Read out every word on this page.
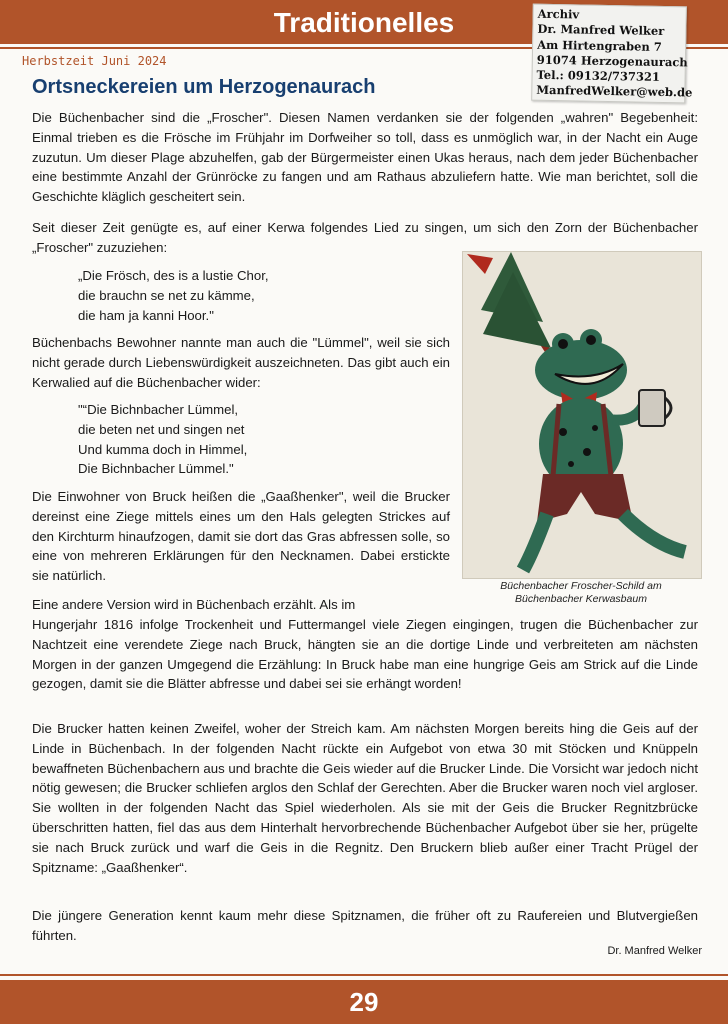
Traditionelles	Archiv
Dr. Manfred Welker
Am Hirtengraben 7
91074 Herzogenaurach
Tel.: 09132/737321
ManfredWelker@web.de
Herbstzeit Juni 2024
Ortsneckereien um Herzogenaurach

Die Büchenbacher sind die „Froscher". Diesen Namen verdanken sie der folgenden „wahren" Begebenheit: Einmal trieben es die Frösche im Frühjahr im Dorfweiher so toll, dass es unmöglich war, in der Nacht ein Auge zuzutun. Um dieser Plage abzuhelfen, gab der Bürgermeister einen Ukas heraus, nach dem jeder Büchenbacher eine bestimmte Anzahl der Grünröcke zu fangen und am Rathaus abzuliefern hatte. Wie man berichtet, soll die Geschichte kläglich gescheitert sein.

Seit dieser Zeit genügte es, auf einer Kerwa folgendes Lied zu singen, um sich den Zorn der Büchenbacher „Froscher" zuzuziehen:

„Die Frösch, des is a lustie Chor,
die brauchn se net zu kämme,
die ham ja kanni Hoor."

Büchenbachs Bewohner nannte man auch die "Lümmel", weil sie sich nicht gerade durch Liebenswürdigkeit auszeichneten. Das gibt auch ein Kerwalied auf die Büchenbacher wider:

"“Die Bichnbacher Lümmel,
die beten net und singen net
Und kumma doch in Himmel,
Die Bichnbacher Lümmel."

Die Einwohner von Bruck heißen die „Gaaßhenker", weil die Brucker dereinst eine Ziege mittels eines um den Hals gelegten Strickes auf den Kirchturm hinaufzogen, damit sie dort das Gras abfressen solle, so eine von mehreren Erklärungen für den Necknamen. Dabei erstickte sie natürlich.

Eine andere Version wird in Büchenbach erzählt. Als im

Hungerjahr 1816 infolge Trockenheit und Futtermangel viele Ziegen eingingen, trugen die Büchenbacher zur Nachtzeit eine verendete Ziege nach Bruck, hängten sie an die dortige Linde und verbreiteten am nächsten Morgen in der ganzen Umgegend die Erzählung: In Bruck habe man eine hungrige Geis am Strick auf die Linde gezogen, damit sie die Blätter abfresse und dabei sei sie erhängt worden!

Die Brucker hatten keinen Zweifel, woher der Streich kam. Am nächsten Morgen bereits hing die Geis auf der Linde in Büchenbach. In der folgenden Nacht rückte ein Aufgebot von etwa 30 mit Stöcken und Knüppeln bewaffneten Büchenbachern aus und brachte die Geis wieder auf die Brucker Linde. Die Vorsicht war jedoch nicht nötig gewesen; die Brucker schliefen arglos den Schlaf der Gerechten. Aber die Brucker waren noch viel argloser. Sie wollten in der folgenden Nacht das Spiel wiederholen. Als sie mit der Geis die Brucker Regnitzbrücke überschritten hatten, fiel das aus dem Hinterhalt hervorbrechende Büchenbacher Aufgebot über sie her, prügelte sie nach Bruck zurück und warf die Geis in die Regnitz. Den Bruckern blieb außer einer Tracht Prügel der Spitzname: „Gaaßhenker“.

Die jüngere Generation kennt kaum mehr diese Spitznamen, die früher oft zu Raufereien und Blutvergießen führten.

Dr. Manfred Welker
Büchenbacher Froscher-Schild am
Büchenbacher Kerwasbaum
29
